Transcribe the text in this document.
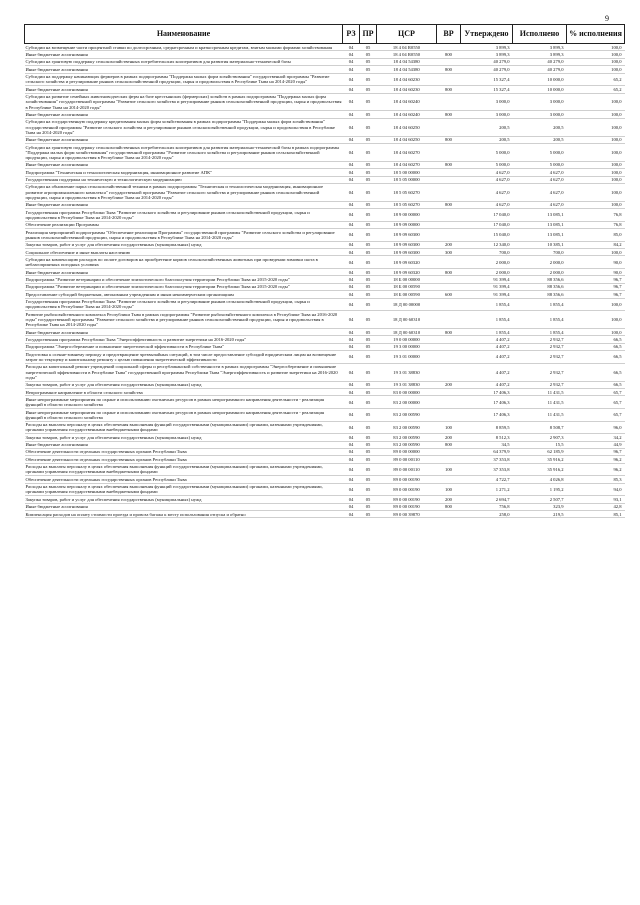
9
Наименование	РЗ	ПР	ЦСР	ВР	Утверждено	Исполнено	% исполнения
Субсидии на возмещение части процентной ставки по долгосрочным, среднесрочным и краткосрочным кредитам, взятым малыми формами хозяйствования	04	05	18 4 04 R0550		3 899,3	3 899,3	100,0
Иные бюджетные ассигнования	04	05	18 4 04 R0550	800	3 899,3	3 899,3	100,0
Субсидии на грантовую поддержку сельскохозяйственных потребительских кооперативов для развития материально-технической базы	04	05	18 4 04 54380		40 279,0	40 279,0	100,0
Иные бюджетные ассигнования	04	05	18 4 04 54380	800	40 279,0	40 279,0	100,0
Субсидии на поддержку начинающих фермеров в рамках подпрограммы "Поддержка малых форм хозяйствования" государственной программы "Развитие сельского хозяйства и регулирование рынков сельскохозяйственной продукции, сырья и продовольствия в Республике Тыва на 2014-2020 годы"	04	05	18 4 04 60230		15 327,4	10 000,0	65,2
Иные бюджетные ассигнования	04	05	18 4 04 60230	800	15 327,4	10 000,0	65,2
Субсидии на развитие семейных животноводческих ферм на базе крестьянских (фермерских) хозяйств в рамках подпрограммы "Поддержка малых форм хозяйствования" государственной программы "Развитие сельского хозяйства и регулирование рынков сельскохозяйственной продукции, сырья и продовольствия в Республике Тыва на 2014-2020 годы"	04	05	18 4 04 60240		3 000,0	3 000,0	100,0
Иные бюджетные ассигнования	04	05	18 4 04 60240	800	3 000,0	3 000,0	100,0
Субсидии на государственную поддержку кредитования малых форм хозяйствования в рамках подпрограммы "Поддержка малых форм хозяйствования" государственной программы "Развитие сельского хозяйства и регулирование рынков сельскохозяйственной продукции, сырья и продовольствия в Республике Тыва на 2014-2020 годы"	04	05	18 4 04 60250		200,5	200,5	100,0
Иные бюджетные ассигнования	04	05	18 4 04 60250	800	200,5	200,5	100,0
Субсидии на грантовую поддержку сельскохозяйственных потребительских кооперативов для развития материально-технической базы в рамках подпрограммы "Поддержка малых форм хозяйствования" государственной программы "Развитие сельского хозяйства и регулирование рынков сельскохозяйственной продукции, сырья и продовольствия в Республике Тыва на 2014-2020 годы"	04	05	18 4 04 60270		5 000,0	5 000,0	100,0
Иные бюджетные ассигнования	04	05	18 4 04 60270	800	5 000,0	5 000,0	100,0
Подпрограмма "Техническая и технологическая модернизация, инновационное развитие АПК"	04	05	18 5 00 00000		4 627,0	4 627,0	100,0
Государственная поддержка на техническую и технологическую модернизацию	04	05	18 5 05 00000		4 627,0	4 627,0	100,0
Субсидии на обновление парка сельскохозяйственной техники в рамках подпрограммы "Техническая и технологическая модернизация, инновационное развитие агропромышленного комплекса" государственной программы "Развитие сельского хозяйства и регулирование рынков сельскохозяйственной продукции, сырья и продовольствия в Республике Тыва на 2014-2020 годы"	04	05	18 5 05 60270		4 627,0	4 627,0	100,0
Иные бюджетные ассигнования	04	05	18 5 05 60270	800	4 627,0	4 627,0	100,0
Государственная программа Республики Тыва "Развитие сельского хозяйства и регулирование рынков сельскохозяйственной продукции, сырья и продовольствия в Республике Тыва на 2014-2020 годы"	04	05	18 9 00 00000		17 040,0	13 085,1	76,8
Обеспечение реализации Программы	04	05	18 9 09 00000		17 040,0	13 085,1	76,8
Реализация мероприятий подпрограммы "Обеспечение реализации Программы" государственной программы "Развитие сельского хозяйства и регулирование рынков сельскохозяйственной продукции, сырья и продовольствия в Республике Тыва на 2014-2020 годы"	04	05	18 9 09 60300		15 040,0	13 085,1	85,0
Закупка товаров, работ и услуг для обеспечения государственных (муниципальных) нужд	04	05	18 9 09 60300	200	12 340,0	10 385,1	84,2
Социальное обеспечение и иные выплаты населению	04	05	18 9 09 60300	300	700,0	700,0	100,0
Субсидии на компенсацию расходов по оплате договоров на приобретение кормов сельскохозяйственных животных при проведении зимовки скота в неблагоприятных погодных условиях	04	05	18 9 09 60320		2 000,0	2 000,0	90,0
Иные бюджетные ассигнования	04	05	18 9 09 60320	800	2 000,0	2 000,0	90,0
Подпрограмма "Развитие ветеринарии и обеспечение эпизоотического благополучия территории Республики Тыва на 2015-2020 годы"	04	05	18 Б 00 00000		91 399,4	88 356,6	96,7
Подпрограмма "Развитие ветеринарии и обеспечение эпизоотического благополучия территории Республики Тыва на 2015-2020 годы"	04	05	18 Б 00 00590		91 399,4	88 356,6	96,7
Предоставление субсидий бюджетным, автономным учреждениям и иным некоммерческим организациям	04	05	18 Б 00 00590	600	91 399,4	88 356,6	96,7
Государственная программа Республики Тыва "Развитие сельского хозяйства и регулирование рынков сельскохозяйственной продукции, сырья и продовольствия в Республике Тыва на 2014-2020 годы"	04	05	18 Д 00 00000		1 855,4	1 855,4	100,0
Развитие рыбохозяйственного комплекса Республики Тыва в рамках подпрограммы "Развитие рыбохозяйственного комплекса в Республике Тыва на 2016-2020 годы" государственной программы "Развитие сельского хозяйства и регулирование рынков сельскохозяйственной продукции, сырья и продовольствия в Республике Тыва на 2014-2020 годы"	04	05	18 Д 00 60310		1 855,4	1 855,4	100,0
Иные бюджетные ассигнования	04	05	18 Д 00 60310	800	1 855,4	1 855,4	100,0
Государственная программа Республики Тыва "Энергоэффективность и развитие энергетики на 2016-2020 годы"	04	05	19 0 00 00000		4 407,2	2 932,7	66,5
Подпрограмма "Энергосбережение и повышение энергетической эффективности в Республике Тыва"	04	05	19 3 00 00000		4 407,2	2 932,7	66,5
Подготовка к осенне-зимнему периоду и предотвращение чрезвычайных ситуаций, в том числе предоставление субсидий юридическим лицам на возмещение затрат по текущему и капитальному ремонту с целью повышения энергетической эффективности	04	05	19 3 01 00000		4 407,2	2 932,7	66,5
Расходы на капитальный ремонт учреждений социальной сферы и республиканской собственности в рамках подпрограммы "Энергосбережение и повышение энергетической эффективности в Республике Тыва" государственной программы Республики Тыва "Энергоэффективность и развитие энергетики на 2016-2020 годы"	04	05	19 3 01 38830		4 407,2	2 932,7	66,5
Закупка товаров, работ и услуг для обеспечения государственных (муниципальных) нужд	04	05	19 3 01 38830	200	4 407,2	2 932,7	66,5
Непрограммное направление в области сельского хозяйства	04	05	83 0 00 00000		17 406,3	11 431,5	65,7
Иные непрограммные мероприятия по охране и использованию охотничьих ресурсов в рамках непрограммного направления деятельности - реализация функций в области сельского хозяйства	04	05	83 2 00 00000		17 406,3	11 431,5	65,7
Иные непрограммные мероприятия по охране и использованию охотничьих ресурсов в рамках непрограммного направления деятельности - реализация функций в области сельского хозяйства	04	05	83 2 00 00590		17 406,3	11 431,5	65,7
Расходы на выплаты персоналу в целях обеспечения выполнения функций государственными (муниципальными) органами, казенными учреждениями, органами управления государственными внебюджетными фондами	04	05	83 2 00 00590	100	8 859,5	8 508,7	96,0
Закупка товаров, работ и услуг для обеспечения государственных (муниципальных) нужд	04	05	83 2 00 00590	200	8 512,3	2 907,3	34,2
Иные бюджетные ассигнования	04	05	83 2 00 00590	800	34,5	15,5	44,9
Обеспечение деятельности отдельных государственных органов Республики Тыва	04	05	89 0 00 00000		64 379,9	62 185,9	96,7
Обеспечение деятельности отдельных государственных органов Республики Тыва	04	05	89 0 00 00110		37 353,8	35 916,2	96,2
Расходы на выплаты персоналу в целях обеспечения выполнения функций государственными (муниципальными) органами, казенными учреждениями, органами управления государственными внебюджетными фондами	04	05	89 0 00 00110	100	37 353,8	35 916,2	96,2
Обеспечение деятельности отдельных государственных органов Республики Тыва	04	05	89 0 00 00190		4 722,7	4 026,8	85,3
Расходы на выплаты персоналу в целях обеспечения выполнения функций государственными (муниципальными) органами, казенными учреждениями, органами управления государственными внебюджетными фондами	04	05	89 0 00 00190	100	1 271,2	1 195,2	94,0
Закупка товаров, работ и услуг для обеспечения государственных (муниципальных) нужд	04	05	89 0 00 00190	200	2 694,7	2 507,7	93,1
Иные бюджетные ассигнования	04	05	89 0 00 00190	800	756,8	323,9	42,8
Компенсация расходов на оплату стоимости проезда и провоза багажа к месту использования отпуска и обратно	04	05	89 0 00 39870		258,0	219,5	85,1
